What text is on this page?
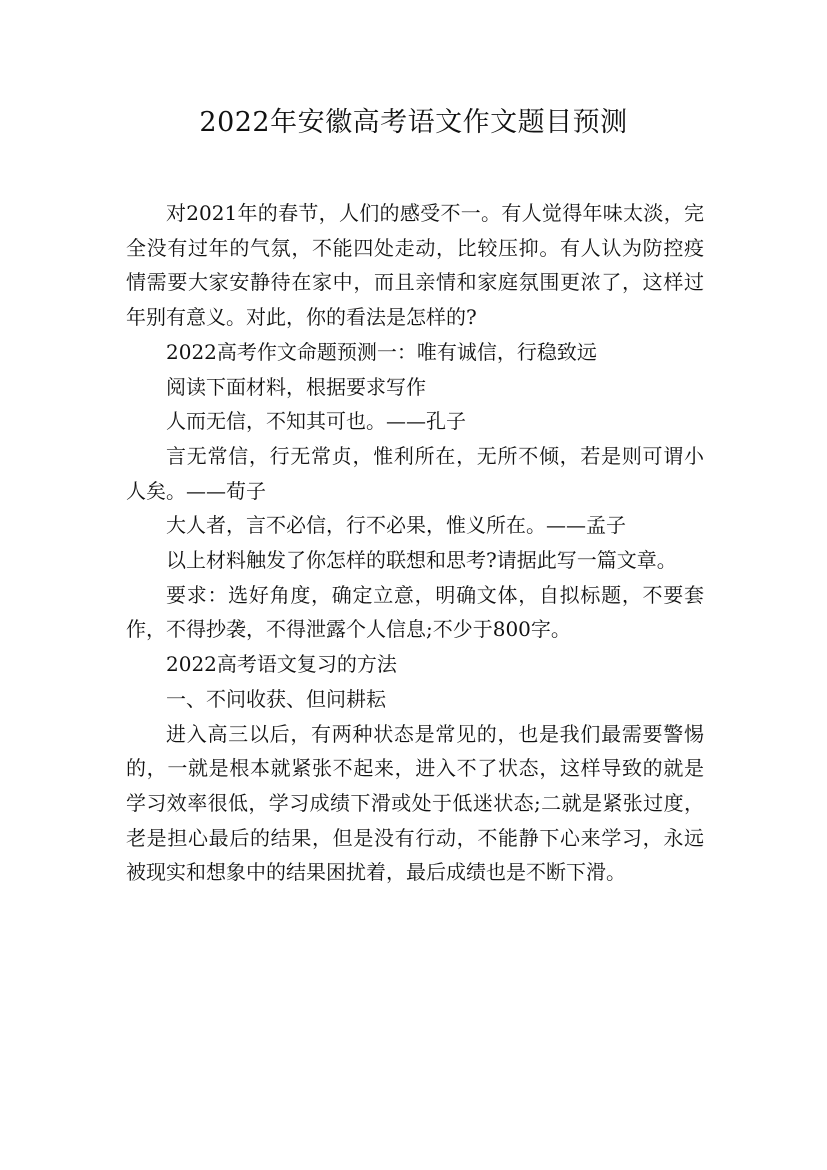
2022年安徽高考语文作文题目预测

对2021年的春节，人们的感受不一。有人觉得年味太淡，完全没有过年的气氛，不能四处走动，比较压抑。有人认为防控疫情需要大家安静待在家中，而且亲情和家庭氛围更浓了，这样过年别有意义。对此，你的看法是怎样的?

2022高考作文命题预测一：唯有诚信，行稳致远

阅读下面材料，根据要求写作

人而无信，不知其可也。——孔子

言无常信，行无常贞，惟利所在，无所不倾，若是则可谓小人矣。——荀子

大人者，言不必信，行不必果，惟义所在。——孟子

以上材料触发了你怎样的联想和思考?请据此写一篇文章。

要求：选好角度，确定立意，明确文体，自拟标题，不要套作，不得抄袭，不得泄露个人信息;不少于800字。

2022高考语文复习的方法

一、不问收获、但问耕耘

进入高三以后，有两种状态是常见的，也是我们最需要警惕的，一就是根本就紧张不起来，进入不了状态，这样导致的就是学习效率很低，学习成绩下滑或处于低迷状态;二就是紧张过度，老是担心最后的结果，但是没有行动，不能静下心来学习，永远被现实和想象中的结果困扰着，最后成绩也是不断下滑。
